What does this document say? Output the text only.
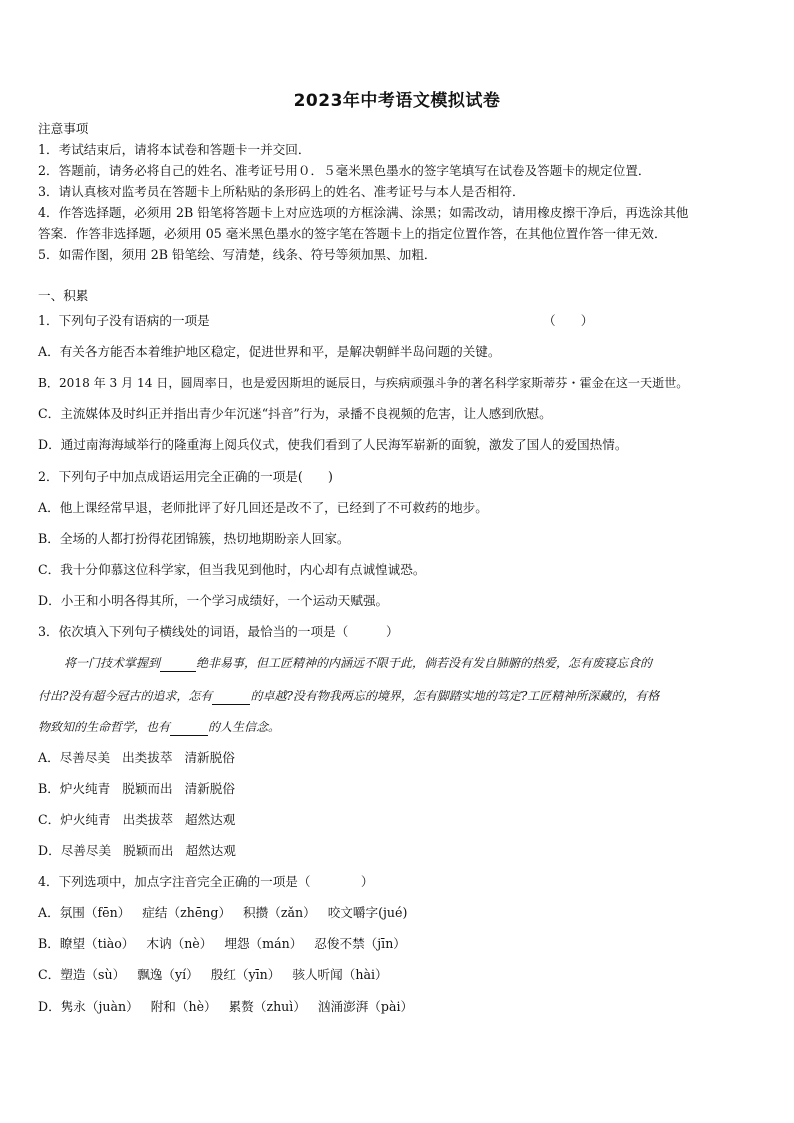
2023年中考语文模拟试卷
注意事项
1．考试结束后，请将本试卷和答题卡一并交回．
2．答题前，请务必将自己的姓名、准考证号用０．５毫米黑色墨水的签字笔填写在试卷及答题卡的规定位置．
3．请认真核对监考员在答题卡上所粘贴的条形码上的姓名、准考证号与本人是否相符．
4．作答选择题，必须用 2B 铅笔将答题卡上对应选项的方框涂满、涂黑；如需改动，请用橡皮擦干净后，再选涂其他
答案．作答非选择题，必须用 05 毫米黑色墨水的签字笔在答题卡上的指定位置作答，在其他位置作答一律无效．
5．如需作图，须用 2B 铅笔绘、写清楚，线条、符号等须加黑、加粗．
一、积累
1．下列句子没有语病的一项是	（　　）
A．有关各方能否本着维护地区稳定，促进世界和平，是解决朝鲜半岛问题的关键。
B．2018 年 3 月 14 日，圆周率日，也是爱因斯坦的诞辰日，与疾病顽强斗争的著名科学家斯蒂芬・霍金在这一天逝世。
C．主流媒体及时纠正并指出青少年沉迷“抖音”行为，录播不良视频的危害，让人感到欣慰。
D．通过南海海域举行的隆重海上阅兵仪式，使我们看到了人民海军崭新的面貌，激发了国人的爱国热情。
2．下列句子中加点成语运用完全正确的一项是(　　)
A．他上课经常早退，老师批评了好几回还是改不了，已经到了不可救药的地步。
B．全场的人都打扮得花团锦簇，热切地期盼亲人回家。
C．我十分仰慕这位科学家，但当我见到他时，内心却有点诚惶诚恐。
D．小王和小明各得其所，一个学习成绩好，一个运动天赋强。
3．依次填入下列句子横线处的词语，最恰当的一项是（　　　）
将一门技术掌握到	绝非易事，但工匠精神的内涵远不限于此，倘若没有发自肺腑的热爱，怎有废寝忘食的
付出?没有超今冠古的追求，怎有	的卓越?没有物我两忘的境界，怎有脚踏实地的笃定?工匠精神所深藏的，有格
物致知的生命哲学，也有	的人生信念。
A．尽善尽美 出类拔萃 清新脱俗
B．炉火纯青 脱颖而出 清新脱俗
C．炉火纯青 出类拔萃 超然达观
D．尽善尽美 脱颖而出 超然达观
4．下列选项中，加点字注音完全正确的一项是（　　　　）
A．氛围（fēn） 症结（zhēng） 积攒（zǎn） 咬文嚼字(jué)
B．瞭望（tiào） 木讷（nè） 埋怨（mán） 忍俊不禁（jīn）
C．塑造（sù） 飘逸（yí） 殷红（yīn） 骇人听闻（hài）
D．隽永（juàn） 附和（hè） 累赘（zhuì） 汹涌澎湃（pài）
